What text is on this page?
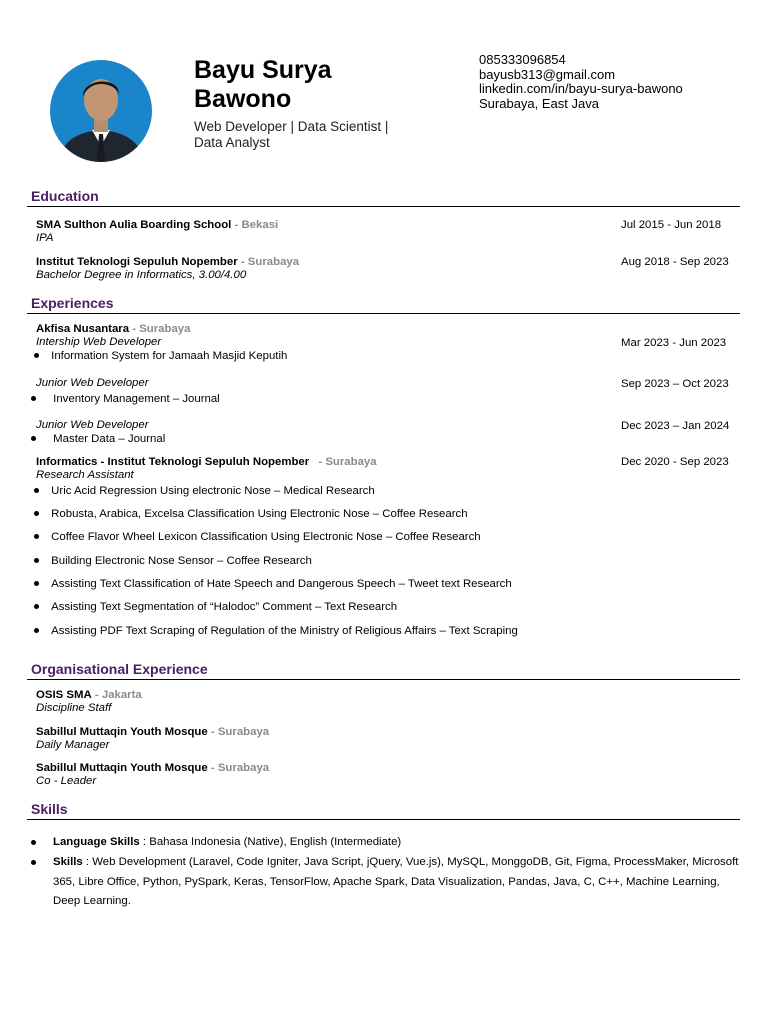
Bayu Surya Bawono
Web Developer | Data Scientist | Data Analyst
085333096854
bayusb313@gmail.com
linkedin.com/in/bayu-surya-bawono
Surabaya, East Java
Education
SMA Sulthon Aulia Boarding School - Bekasi
IPA
Jul 2015 - Jun 2018
Institut Teknologi Sepuluh Nopember - Surabaya
Bachelor Degree in Informatics, 3.00/4.00
Aug 2018 - Sep 2023
Experiences
Akfisa Nusantara - Surabaya
Intership Web Developer	Mar 2023 - Jun 2023
Information System for Jamaah Masjid Keputih
Junior Web Developer	Sep 2023 – Oct 2023
Inventory Management – Journal
Junior Web Developer	Dec 2023 – Jan 2024
Master Data – Journal
Informatics - Institut Teknologi Sepuluh Nopember - Surabaya
Research Assistant
Dec 2020 - Sep 2023
Uric Acid Regression Using electronic Nose – Medical Research
Robusta, Arabica, Excelsa Classification Using Electronic Nose – Coffee Research
Coffee Flavor Wheel Lexicon Classification Using Electronic Nose – Coffee Research
Building Electronic Nose Sensor – Coffee Research
Assisting Text Classification of Hate Speech and Dangerous Speech – Tweet text Research
Assisting Text Segmentation of “Halodoc” Comment – Text Research
Assisting PDF Text Scraping of Regulation of the Ministry of Religious Affairs – Text Scraping
Organisational Experience
OSIS SMA - Jakarta
Discipline Staff
Sabillul Muttaqin Youth Mosque - Surabaya
Daily Manager
Sabillul Muttaqin Youth Mosque - Surabaya
Co - Leader
Skills
Language Skills : Bahasa Indonesia (Native), English (Intermediate)
Skills : Web Development (Laravel, Code Igniter, Java Script, jQuery, Vue.js), MySQL, MonggoDB, Git, Figma, ProcessMaker, Microsoft 365, Libre Office, Python, PySpark, Keras, TensorFlow, Apache Spark, Data Visualization, Pandas, Java, C, C++, Machine Learning, Deep Learning.
